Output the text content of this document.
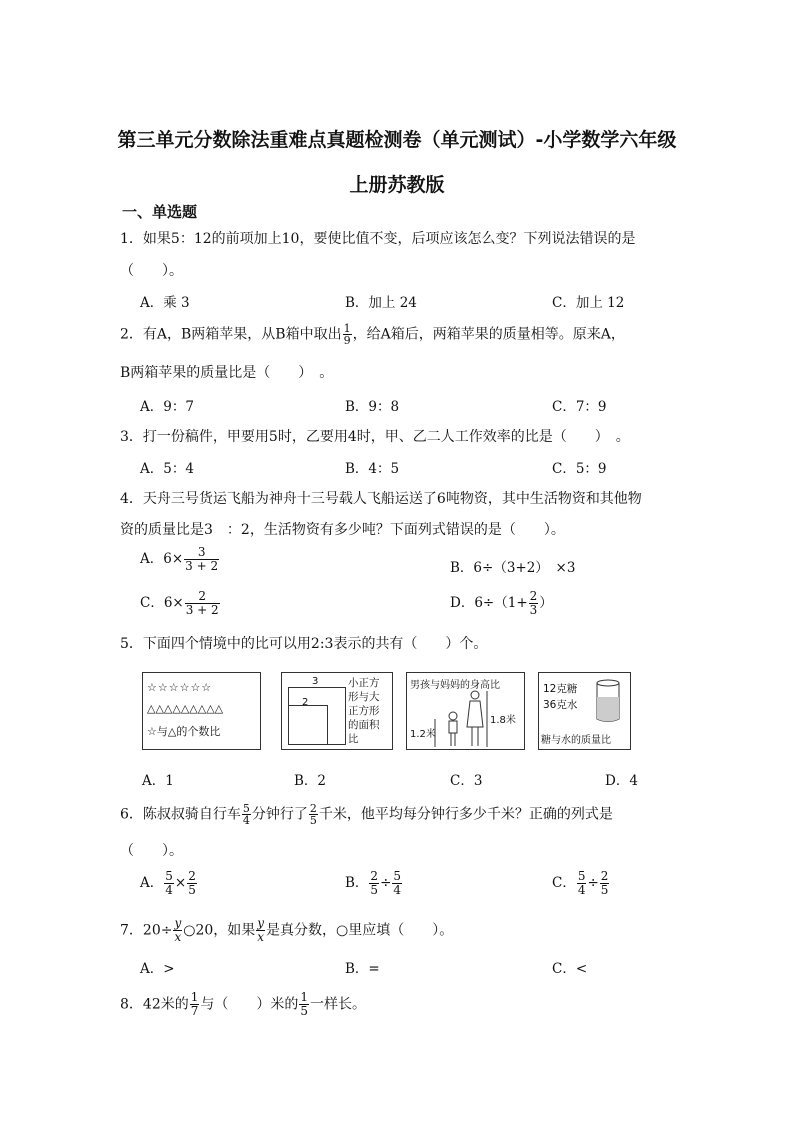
第三单元分数除法重难点真题检测卷（单元测试）-小学数学六年级
上册苏教版
一、单选题
1．如果5：12的前项加上10，要使比值不变，后项应该怎么变？下列说法错误的是
（　　）。
A．乘 3	B．加上 24	C．加上 12
2．有A，B两箱苹果，从B箱中取出 $\frac{1}{9}$ ，给A箱后，两箱苹果的质量相等。原来A，
B两箱苹果的质量比是（　　）　。
A．9：7	B．9：8	C．7：9
3．打一份稿件，甲要用5时，乙要用4时，甲、乙二人工作效率的比是（　　）　。
A．5：4	B．4：5	C．5：9
4．天舟三号货运飞船为神舟十三号载人飞船运送了6吨物资，其中生活物资和其他物
资的质量比是3　：2，生活物资有多少吨？下面列式错误的是（　　）。
A．$6\times \frac{3}{3 + 2}$	B．6÷（3+2）　×3
C．$6\times \frac{2}{3 + 2}$	D．$6\div(1+ \frac{2}{3}$ ）
5．下面四个情境中的比可以用2:3表示的共有（　　）个。
☆☆☆☆☆☆
△△△△△△△△△
☆与△的个数比
3
2
小正方
形与大
正方形
的面积
比
男孩与妈妈的身高比
1.2米
1.8米
12克糖
36克水
糖与水的质量比
A．1	B．2	C．3	D．4
6．陈叔叔骑自行车 $\frac{5}{4}$ 分钟行了 $\frac{2}{5}$ 千米，他平均每分钟行多少千米？正确的列式是
（　　）。
A． $\frac{5}{4} \times \frac{2}{5}$	B． $\frac{2}{5} \div \frac{5}{4}$	C． $\frac{5}{4} \div \frac{2}{5}$
7．$20\div \frac{y}{x}$ ○20，如果 $\frac{y}{x}$ 是真分数，○里应填（　　）。
A．>	B．=	C．<
8．42米的 $\frac{1}{7}$ 与（　　）米的 $\frac{1}{5}$ 一样长。
